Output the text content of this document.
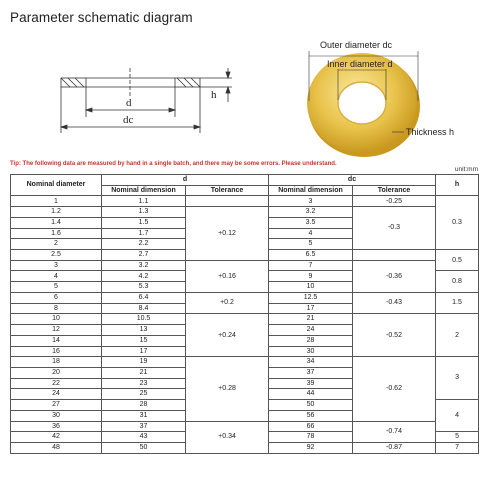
Parameter schematic diagram
d
dc
h
Outer diameter dc
Inner diameter d
Thickness h
Tip: The following data are measured by hand in a single batch, and there may be some errors. Please understand.
unit:mm
Nominal diameter	d		dc		h
	Nominal dimension	Tolerance	Nominal dimension	Tolerance	
1	1.1		3	-0.25	0.3
1.2	1.3	+0.12	3.2	-0.3	
1.4	1.5		3.5		
1.6	1.7		4		
2	2.2		5		
2.5	2.7		6.5		0.5
3	3.2	+0.16	7	-0.36	
4	4.2		9		0.8
5	5.3		10		
6	6.4	+0.2	12.5	-0.43	1.5
8	8.4		17		
10	10.5	+0.24	21	-0.52	2
12	13		24		
14	15		28		
16	17		30		
18	19	+0.28	34	-0.62	3
20	21		37		
22	23		39		
24	25		44		
27	28		50		4
30	31		56		
36	37	+0.34	66	-0.74	
42	43		78		5
48	50		92	-0.87	7
